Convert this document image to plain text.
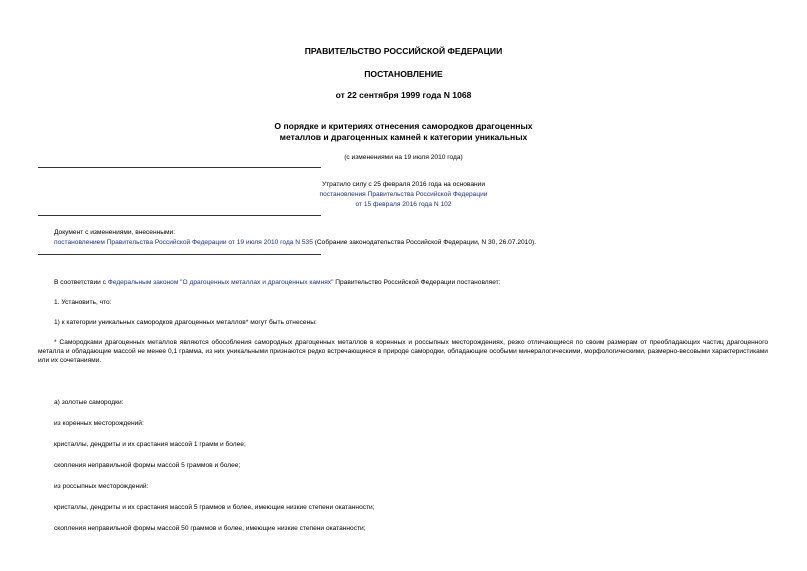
ПРАВИТЕЛЬСТВО РОССИЙСКОЙ ФЕДЕРАЦИИ
ПОСТАНОВЛЕНИЕ
от 22 сентября 1999 года N 1068
О порядке и критериях отнесения самородков драгоценных
металлов и драгоценных камней к категории уникальных
(с изменениями на 19 июля 2010 года)
Утратило силу с 25 февраля 2016 года на основании
постановления Правительства Российской Федерации
от 15 февраля 2016 года N 102
Документ с изменениями, внесенными:
постановлением Правительства Российской Федерации от 19 июля 2010 года N 535 (Собрание законодательства Российской Федерации, N 30, 26.07.2010).
В соответствии с Федеральным законом "О драгоценных металлах и драгоценных камнях" Правительство Российской Федерации постановляет:
1. Установить, что:
1) к категории уникальных самородков драгоценных металлов* могут быть отнесены:
* Самородками драгоценных металлов являются обособления самородных драгоценных металлов в коренных и россыпных месторождениях, резко отличающиеся по своим размерам от преобладающих частиц драгоценного металла и обладающие массой не менее 0,1 грамма, из них уникальными признаются редко встречающиеся в природе самородки, обладающие особыми минералогическими, морфологическими, размерно-весовыми характеристиками или их сочетаниями.
а) золотые самородки:
из коренных месторождений:
кристаллы, дендриты и их срастания массой 1 грамм и более;
скопления неправильной формы массой 5 граммов и более;
из россыпных месторождений:
кристаллы, дендриты и их срастания массой 5 граммов и более, имеющие низкие степени окатанности;
скопления неправильной формы массой 50 граммов и более, имеющие низкие степени окатанности;
